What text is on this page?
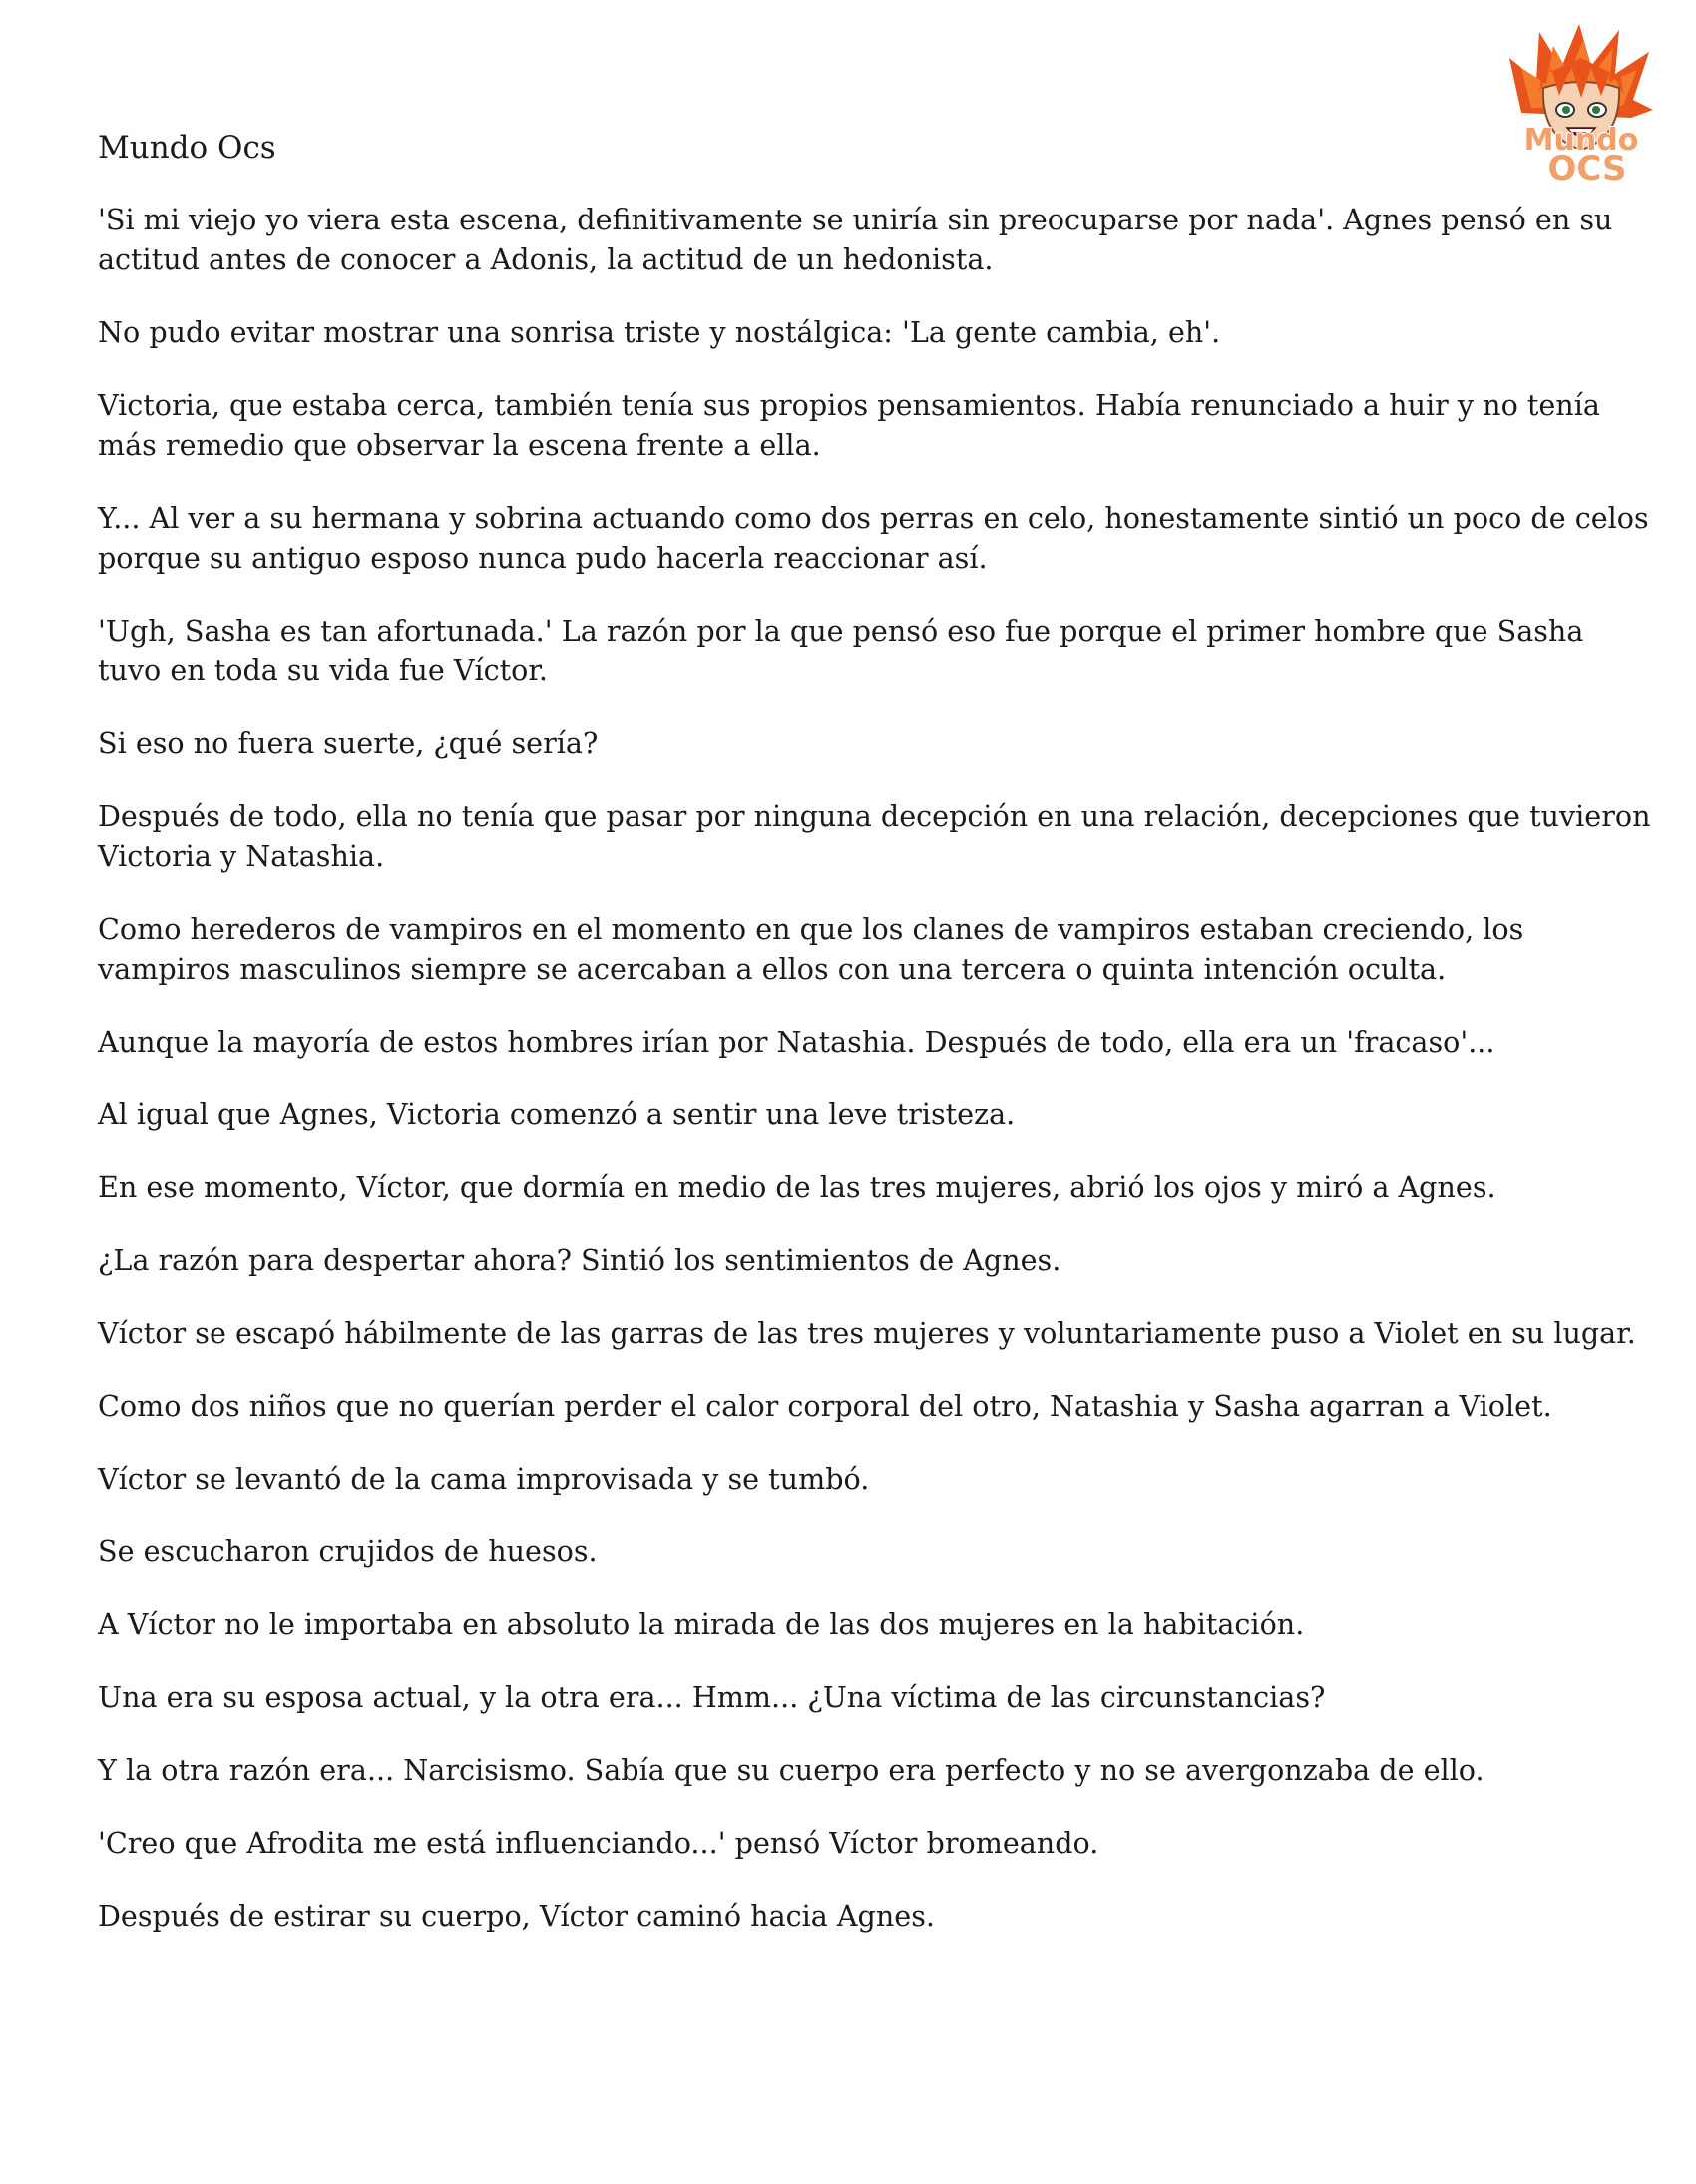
Mundo Ocs	Mundo
OCS

'Si mi viejo yo viera esta escena, definitivamente se uniría sin preocuparse por nada'. Agnes pensó en su actitud antes de conocer a Adonis, la actitud de un hedonista.

No pudo evitar mostrar una sonrisa triste y nostálgica: 'La gente cambia, eh'.

Victoria, que estaba cerca, también tenía sus propios pensamientos. Había renunciado a huir y no tenía más remedio que observar la escena frente a ella.

Y... Al ver a su hermana y sobrina actuando como dos perras en celo, honestamente sintió un poco de celos porque su antiguo esposo nunca pudo hacerla reaccionar así.

'Ugh, Sasha es tan afortunada.' La razón por la que pensó eso fue porque el primer hombre que Sasha tuvo en toda su vida fue Víctor.

Si eso no fuera suerte, ¿qué sería?

Después de todo, ella no tenía que pasar por ninguna decepción en una relación, decepciones que tuvieron Victoria y Natashia.

Como herederos de vampiros en el momento en que los clanes de vampiros estaban creciendo, los vampiros masculinos siempre se acercaban a ellos con una tercera o quinta intención oculta.

Aunque la mayoría de estos hombres irían por Natashia. Después de todo, ella era un 'fracaso'...

Al igual que Agnes, Victoria comenzó a sentir una leve tristeza.

En ese momento, Víctor, que dormía en medio de las tres mujeres, abrió los ojos y miró a Agnes.

¿La razón para despertar ahora? Sintió los sentimientos de Agnes.

Víctor se escapó hábilmente de las garras de las tres mujeres y voluntariamente puso a Violet en su lugar.

Como dos niños que no querían perder el calor corporal del otro, Natashia y Sasha agarran a Violet.

Víctor se levantó de la cama improvisada y se tumbó.

Se escucharon crujidos de huesos.

A Víctor no le importaba en absoluto la mirada de las dos mujeres en la habitación.

Una era su esposa actual, y la otra era... Hmm... ¿Una víctima de las circunstancias?

Y la otra razón era... Narcisismo. Sabía que su cuerpo era perfecto y no se avergonzaba de ello.

'Creo que Afrodita me está influenciando...' pensó Víctor bromeando.

Después de estirar su cuerpo, Víctor caminó hacia Agnes.
